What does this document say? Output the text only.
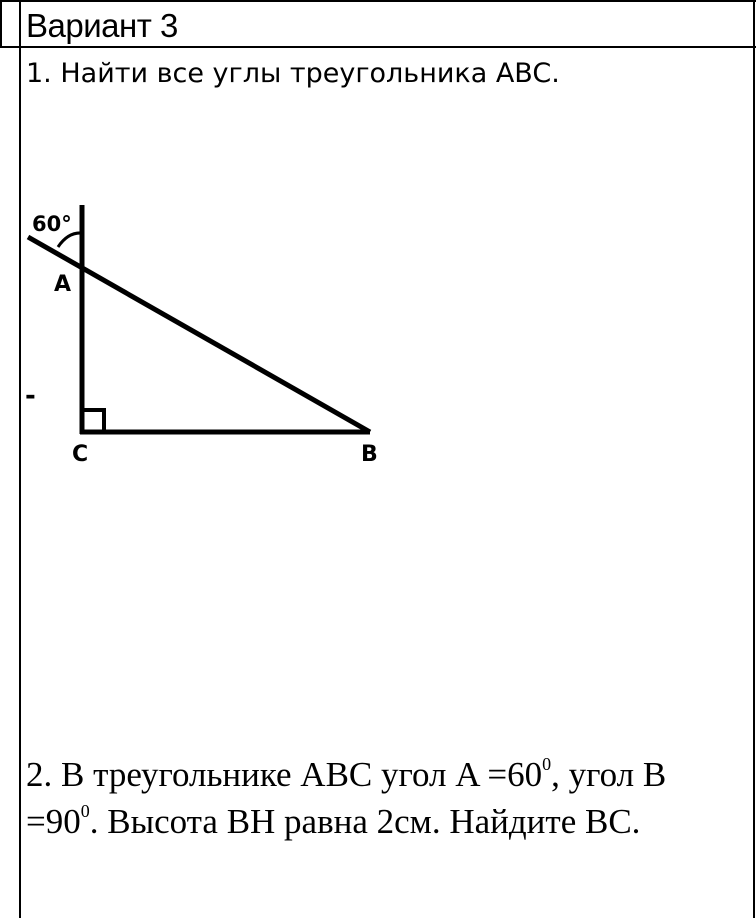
Вариант 3
1. Найти все углы треугольника ABC.
60°
A
C	B
-
2. В треугольнике ABC угол $A =60^0$, угол $B =90^0$. Высота BH равна 2см. Найдите BC.
